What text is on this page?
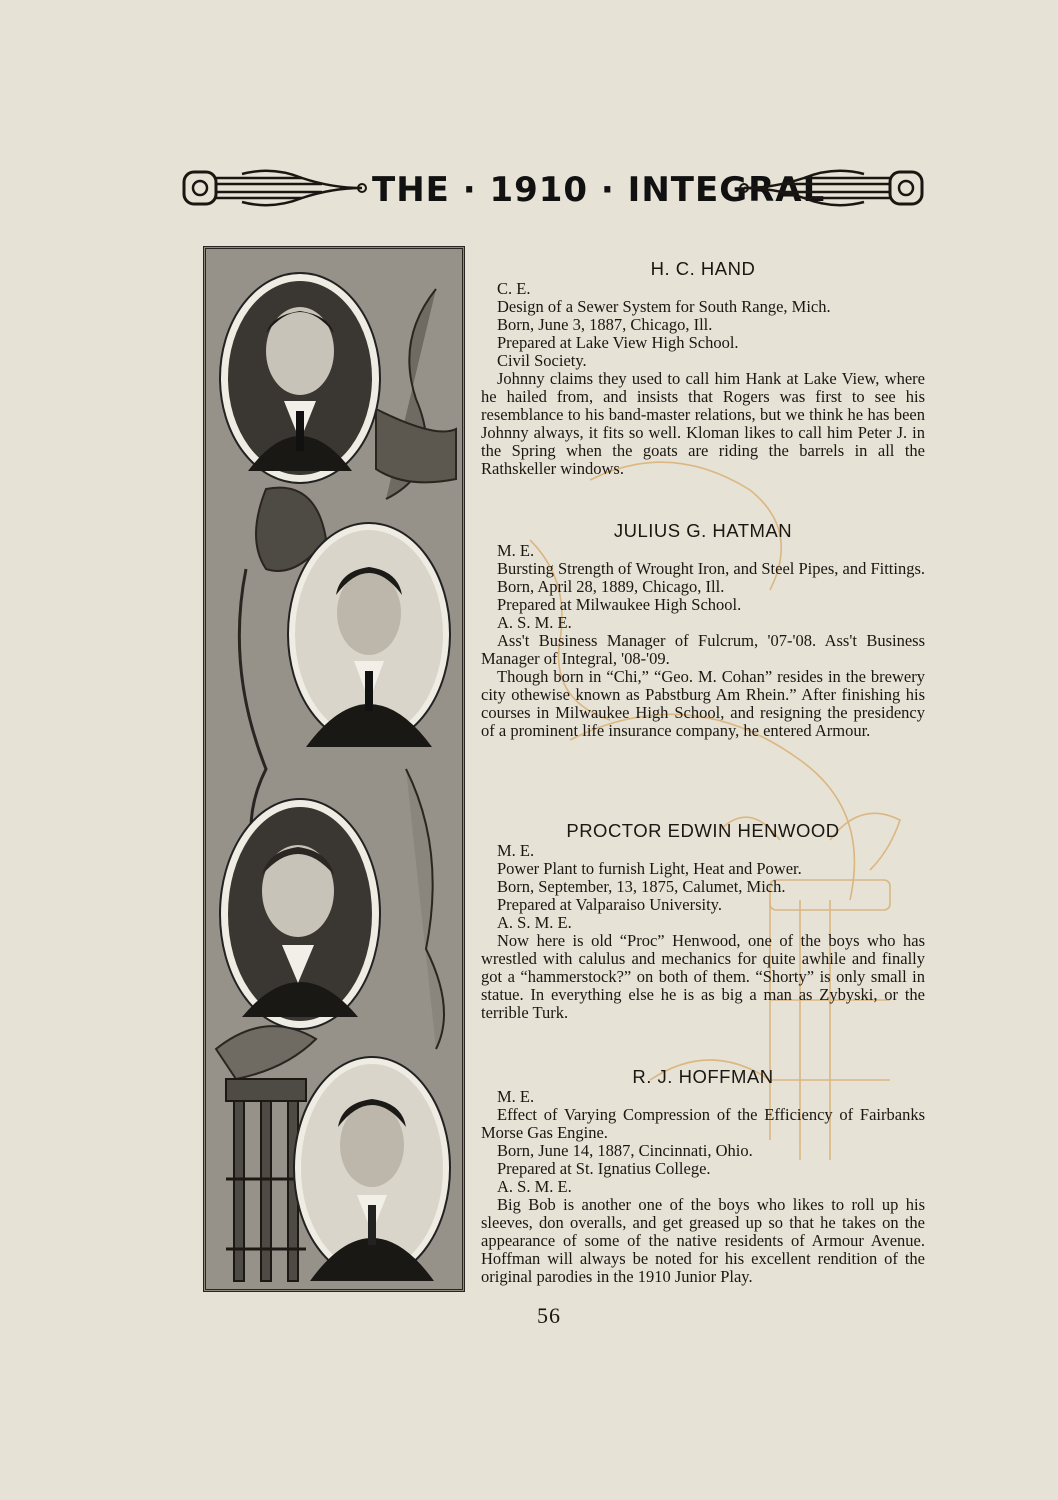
THE · 1910 · INTEGRAL
H. C. HAND

C. E.

Design of a Sewer System for South Range, Mich.

Born, June 3, 1887, Chicago, Ill.

Prepared at Lake View High School.

Civil Society.

Johnny claims they used to call him Hank at Lake View, where he hailed from, and insists that Rogers was first to see his resemblance to his band-master relations, but we think he has been Johnny always, it fits so well. Kloman likes to call him Peter J. in the Spring when the goats are riding the barrels in all the Rathskeller windows.

JULIUS G. HATMAN

M. E.

Bursting Strength of Wrought Iron, and Steel Pipes, and Fittings.

Born, April 28, 1889, Chicago, Ill.

Prepared at Milwaukee High School.

A. S. M. E.

Ass't Business Manager of Fulcrum, '07-'08. Ass't Business Manager of Integral, '08-'09.

Though born in “Chi,” “Geo. M. Cohan” resides in the brewery city othewise known as Pabstburg Am Rhein.” After finishing his courses in Milwaukee High School, and resigning the presidency of a prominent life insurance company, he entered Armour.

PROCTOR EDWIN HENWOOD

M. E.

Power Plant to furnish Light, Heat and Power.

Born, September, 13, 1875, Calumet, Mich.

Prepared at Valparaiso University.

A. S. M. E.

Now here is old “Proc” Henwood, one of the boys who has wrestled with calulus and mechanics for quite awhile and finally got a “hammerstock?” on both of them. “Shorty” is only small in statue. In everything else he is as big a man as Zybyski, or the terrible Turk.

R. J. HOFFMAN

M. E.

Effect of Varying Compression of the Efficiency of Fairbanks Morse Gas Engine.

Born, June 14, 1887, Cincinnati, Ohio.

Prepared at St. Ignatius College.

A. S. M. E.

Big Bob is another one of the boys who likes to roll up his sleeves, don overalls, and get greased up so that he takes on the appearance of some of the native residents of Armour Avenue. Hoffman will always be noted for his excellent rendition of the original parodies in the 1910 Junior Play.

56
